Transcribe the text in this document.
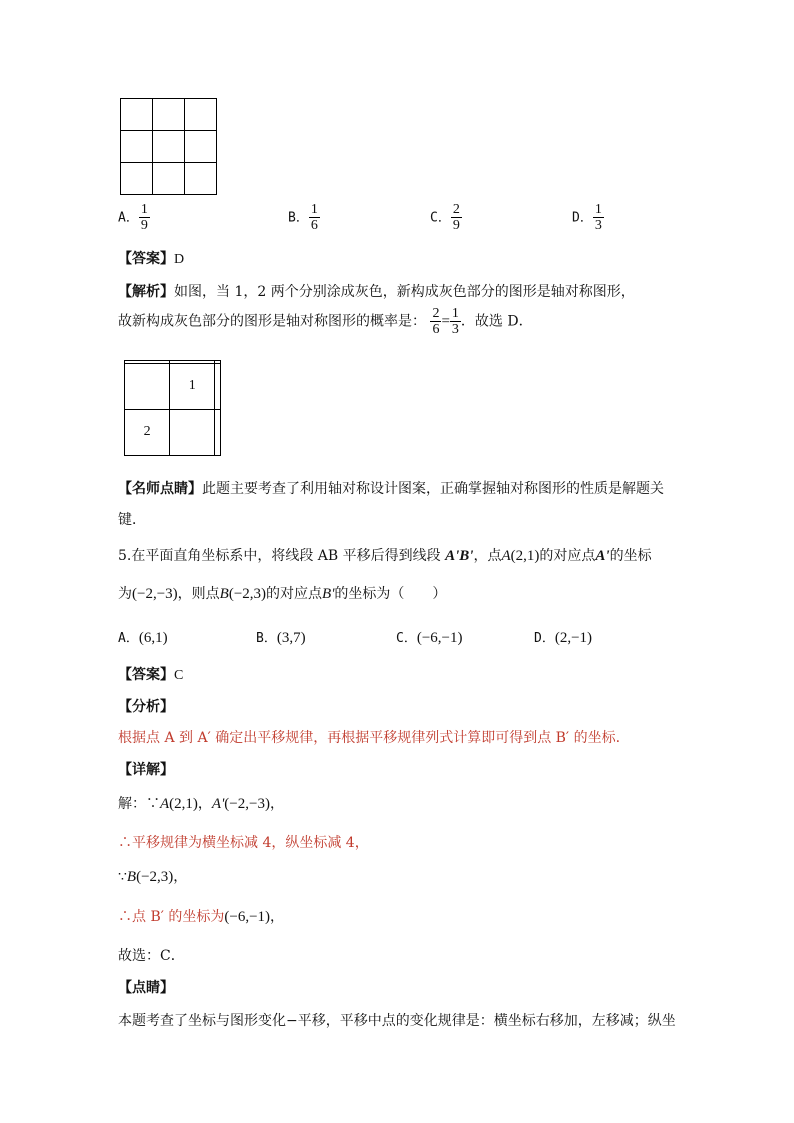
A． $\frac{1}{9}$	B． $\frac{1}{6}$	C． $\frac{2}{9}$	D． $\frac{1}{3}$
【答案】D
【解析】如图，当 1，2 两个分别涂成灰色，新构成灰色部分的图形是轴对称图形，
故新构成灰色部分的图形是轴对称图形的概率是： $\frac{2}{6} = \frac{1}{3}$ ．故选 D．

	1	
2		
【名师点睛】此题主要考查了利用轴对称设计图案，正确掌握轴对称图形的性质是解题关
键．
5.在平面直角坐标系中，将线段 AB 平移后得到线段 A'B'，点A(2,1)的对应点A'的坐标
为(−2,−3)，则点B(−2,3)的对应点B'的坐标为（　　）
A．(6,1)	B．(3,7)	C．(−6,−1)	D．(2,−1)
【答案】C
【分析】
根据点 A 到 A′ 确定出平移规律，再根据平移规律列式计算即可得到点 B′ 的坐标.
【详解】
解：∵A(2,1)，A'(−2,−3)，
∴平移规律为横坐标减 4，纵坐标减 4，
∵B(−2,3)，
∴点 B′ 的坐标为(−6,−1)，
故选：C．
【点睛】
本题考查了坐标与图形变化−平移，平移中点的变化规律是：横坐标右移加，左移减；纵坐
